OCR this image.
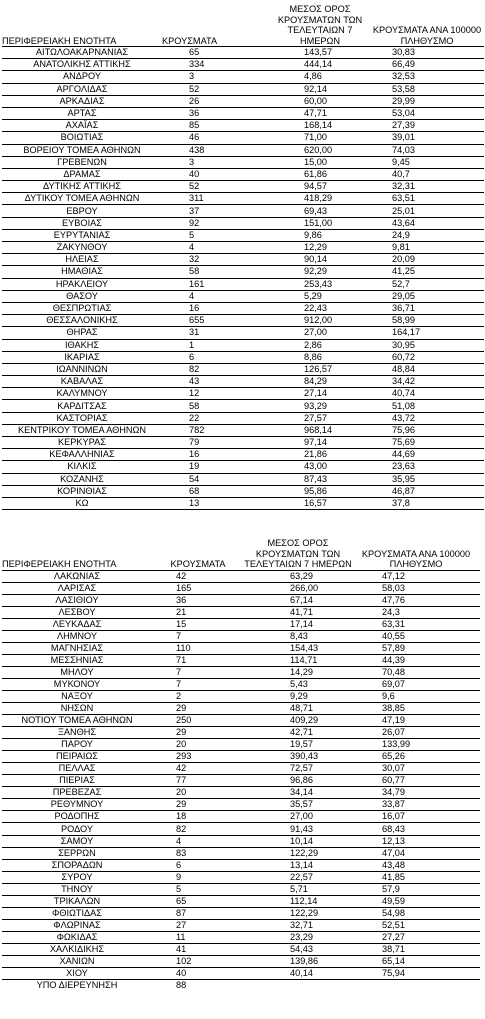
ΠΕΡΙΦΕΡΕΙΑΚΗ ΕΝΟΤΗΤΑ	ΚΡΟΥΣΜΑΤΑ	ΜΕΣΟΣ ΟΡΟΣ ΚΡΟΥΣΜΑΤΩΝ ΤΩΝ ΤΕΛΕΥΤΑΙΩΝ 7 ΗΜΕΡΩΝ	ΚΡΟΥΣΜΑΤΑ ΑΝΑ 100000 ΠΛΗΘΥΣΜΟ

ΑΙΤΩΛΟΑΚΑΡΝΑΝΙΑΣ	65	143,57	30,83
ΑΝΑΤΟΛΙΚΗΣ ΑΤΤΙΚΗΣ	334	444,14	66,49
ΑΝΔΡΟΥ	3	4,86	32,53
ΑΡΓΟΛΙΔΑΣ	52	92,14	53,58
ΑΡΚΑΔΙΑΣ	26	60,00	29,99
ΑΡΤΑΣ	36	47,71	53,04
ΑΧΑΪΑΣ	85	168,14	27,39
ΒΟΙΩΤΙΑΣ	46	71,00	39,01
ΒΟΡΕΙΟΥ ΤΟΜΕΑ ΑΘΗΝΩΝ	438	620,00	74,03
ΓΡΕΒΕΝΩΝ	3	15,00	9,45
ΔΡΑΜΑΣ	40	61,86	40,7
ΔΥΤΙΚΗΣ ΑΤΤΙΚΗΣ	52	94,57	32,31
ΔΥΤΙΚΟΥ ΤΟΜΕΑ ΑΘΗΝΩΝ	311	418,29	63,51
ΕΒΡΟΥ	37	69,43	25,01
ΕΥΒΟΙΑΣ	92	151,00	43,64
ΕΥΡΥΤΑΝΙΑΣ	5	9,86	24,9
ΖΑΚΥΝΘΟΥ	4	12,29	9,81
ΗΛΕΙΑΣ	32	90,14	20,09
ΗΜΑΘΙΑΣ	58	92,29	41,25
ΗΡΑΚΛΕΙΟΥ	161	253,43	52,7
ΘΑΣΟΥ	4	5,29	29,05
ΘΕΣΠΡΩΤΙΑΣ	16	22,43	36,71
ΘΕΣΣΑΛΟΝΙΚΗΣ	655	912,00	58,99
ΘΗΡΑΣ	31	27,00	164,17
ΙΘΑΚΗΣ	1	2,86	30,95
ΙΚΑΡΙΑΣ	6	8,86	60,72
ΙΩΑΝΝΙΝΩΝ	82	126,57	48,84
ΚΑΒΑΛΑΣ	43	84,29	34,42
ΚΑΛΥΜΝΟΥ	12	27,14	40,74
ΚΑΡΔΙΤΣΑΣ	58	93,29	51,08
ΚΑΣΤΟΡΙΑΣ	22	27,57	43,72
ΚΕΝΤΡΙΚΟΥ ΤΟΜΕΑ ΑΘΗΝΩΝ	782	968,14	75,96
ΚΕΡΚΥΡΑΣ	79	97,14	75,69
ΚΕΦΑΛΛΗΝΙΑΣ	16	21,86	44,69
ΚΙΛΚΙΣ	19	43,00	23,63
ΚΟΖΑΝΗΣ	54	87,43	35,95
ΚΟΡΙΝΘΙΑΣ	68	95,86	46,87
ΚΩ	13	16,57	37,8
ΠΕΡΙΦΕΡΕΙΑΚΗ ΕΝΟΤΗΤΑ	ΚΡΟΥΣΜΑΤΑ	ΜΕΣΟΣ ΟΡΟΣ ΚΡΟΥΣΜΑΤΩΝ ΤΩΝ ΤΕΛΕΥΤΑΙΩΝ 7 ΗΜΕΡΩΝ	ΚΡΟΥΣΜΑΤΑ ΑΝΑ 100000 ΠΛΗΘΥΣΜΟ

ΛΑΚΩΝΙΑΣ	42	63,29	47,12
ΛΑΡΙΣΑΣ	165	266,00	58,03
ΛΑΣΙΘΙΟΥ	36	67,14	47,76
ΛΕΣΒΟΥ	21	41,71	24,3
ΛΕΥΚΑΔΑΣ	15	17,14	63,31
ΛΗΜΝΟΥ	7	8,43	40,55
ΜΑΓΝΗΣΙΑΣ	110	154,43	57,89
ΜΕΣΣΗΝΙΑΣ	71	114,71	44,39
ΜΗΛΟΥ	7	14,29	70,48
ΜΥΚΟΝΟΥ	7	5,43	69,07
ΝΑΞΟΥ	2	9,29	9,6
ΝΗΣΩΝ	29	48,71	38,85
ΝΟΤΙΟΥ ΤΟΜΕΑ ΑΘΗΝΩΝ	250	409,29	47,19
ΞΑΝΘΗΣ	29	42,71	26,07
ΠΑΡΟΥ	20	19,57	133,99
ΠΕΙΡΑΙΩΣ	293	390,43	65,26
ΠΕΛΛΑΣ	42	72,57	30,07
ΠΙΕΡΙΑΣ	77	96,86	60,77
ΠΡΕΒΕΖΑΣ	20	34,14	34,79
ΡΕΘΥΜΝΟΥ	29	35,57	33,87
ΡΟΔΟΠΗΣ	18	27,00	16,07
ΡΟΔΟΥ	82	91,43	68,43
ΣΑΜΟΥ	4	10,14	12,13
ΣΕΡΡΩΝ	83	122,29	47,04
ΣΠΟΡΑΔΩΝ	6	13,14	43,48
ΣΥΡΟΥ	9	22,57	41,85
ΤΗΝΟΥ	5	5,71	57,9
ΤΡΙΚΑΛΩΝ	65	112,14	49,59
ΦΘΙΩΤΙΔΑΣ	87	122,29	54,98
ΦΛΩΡΙΝΑΣ	27	32,71	52,51
ΦΩΚΙΔΑΣ	11	23,29	27,27
ΧΑΛΚΙΔΙΚΗΣ	41	54,43	38,71
ΧΑΝΙΩΝ	102	139,86	65,14
ΧΙΟΥ	40	40,14	75,94
ΥΠΟ ΔΙΕΡΕΥΝΗΣΗ	88		
